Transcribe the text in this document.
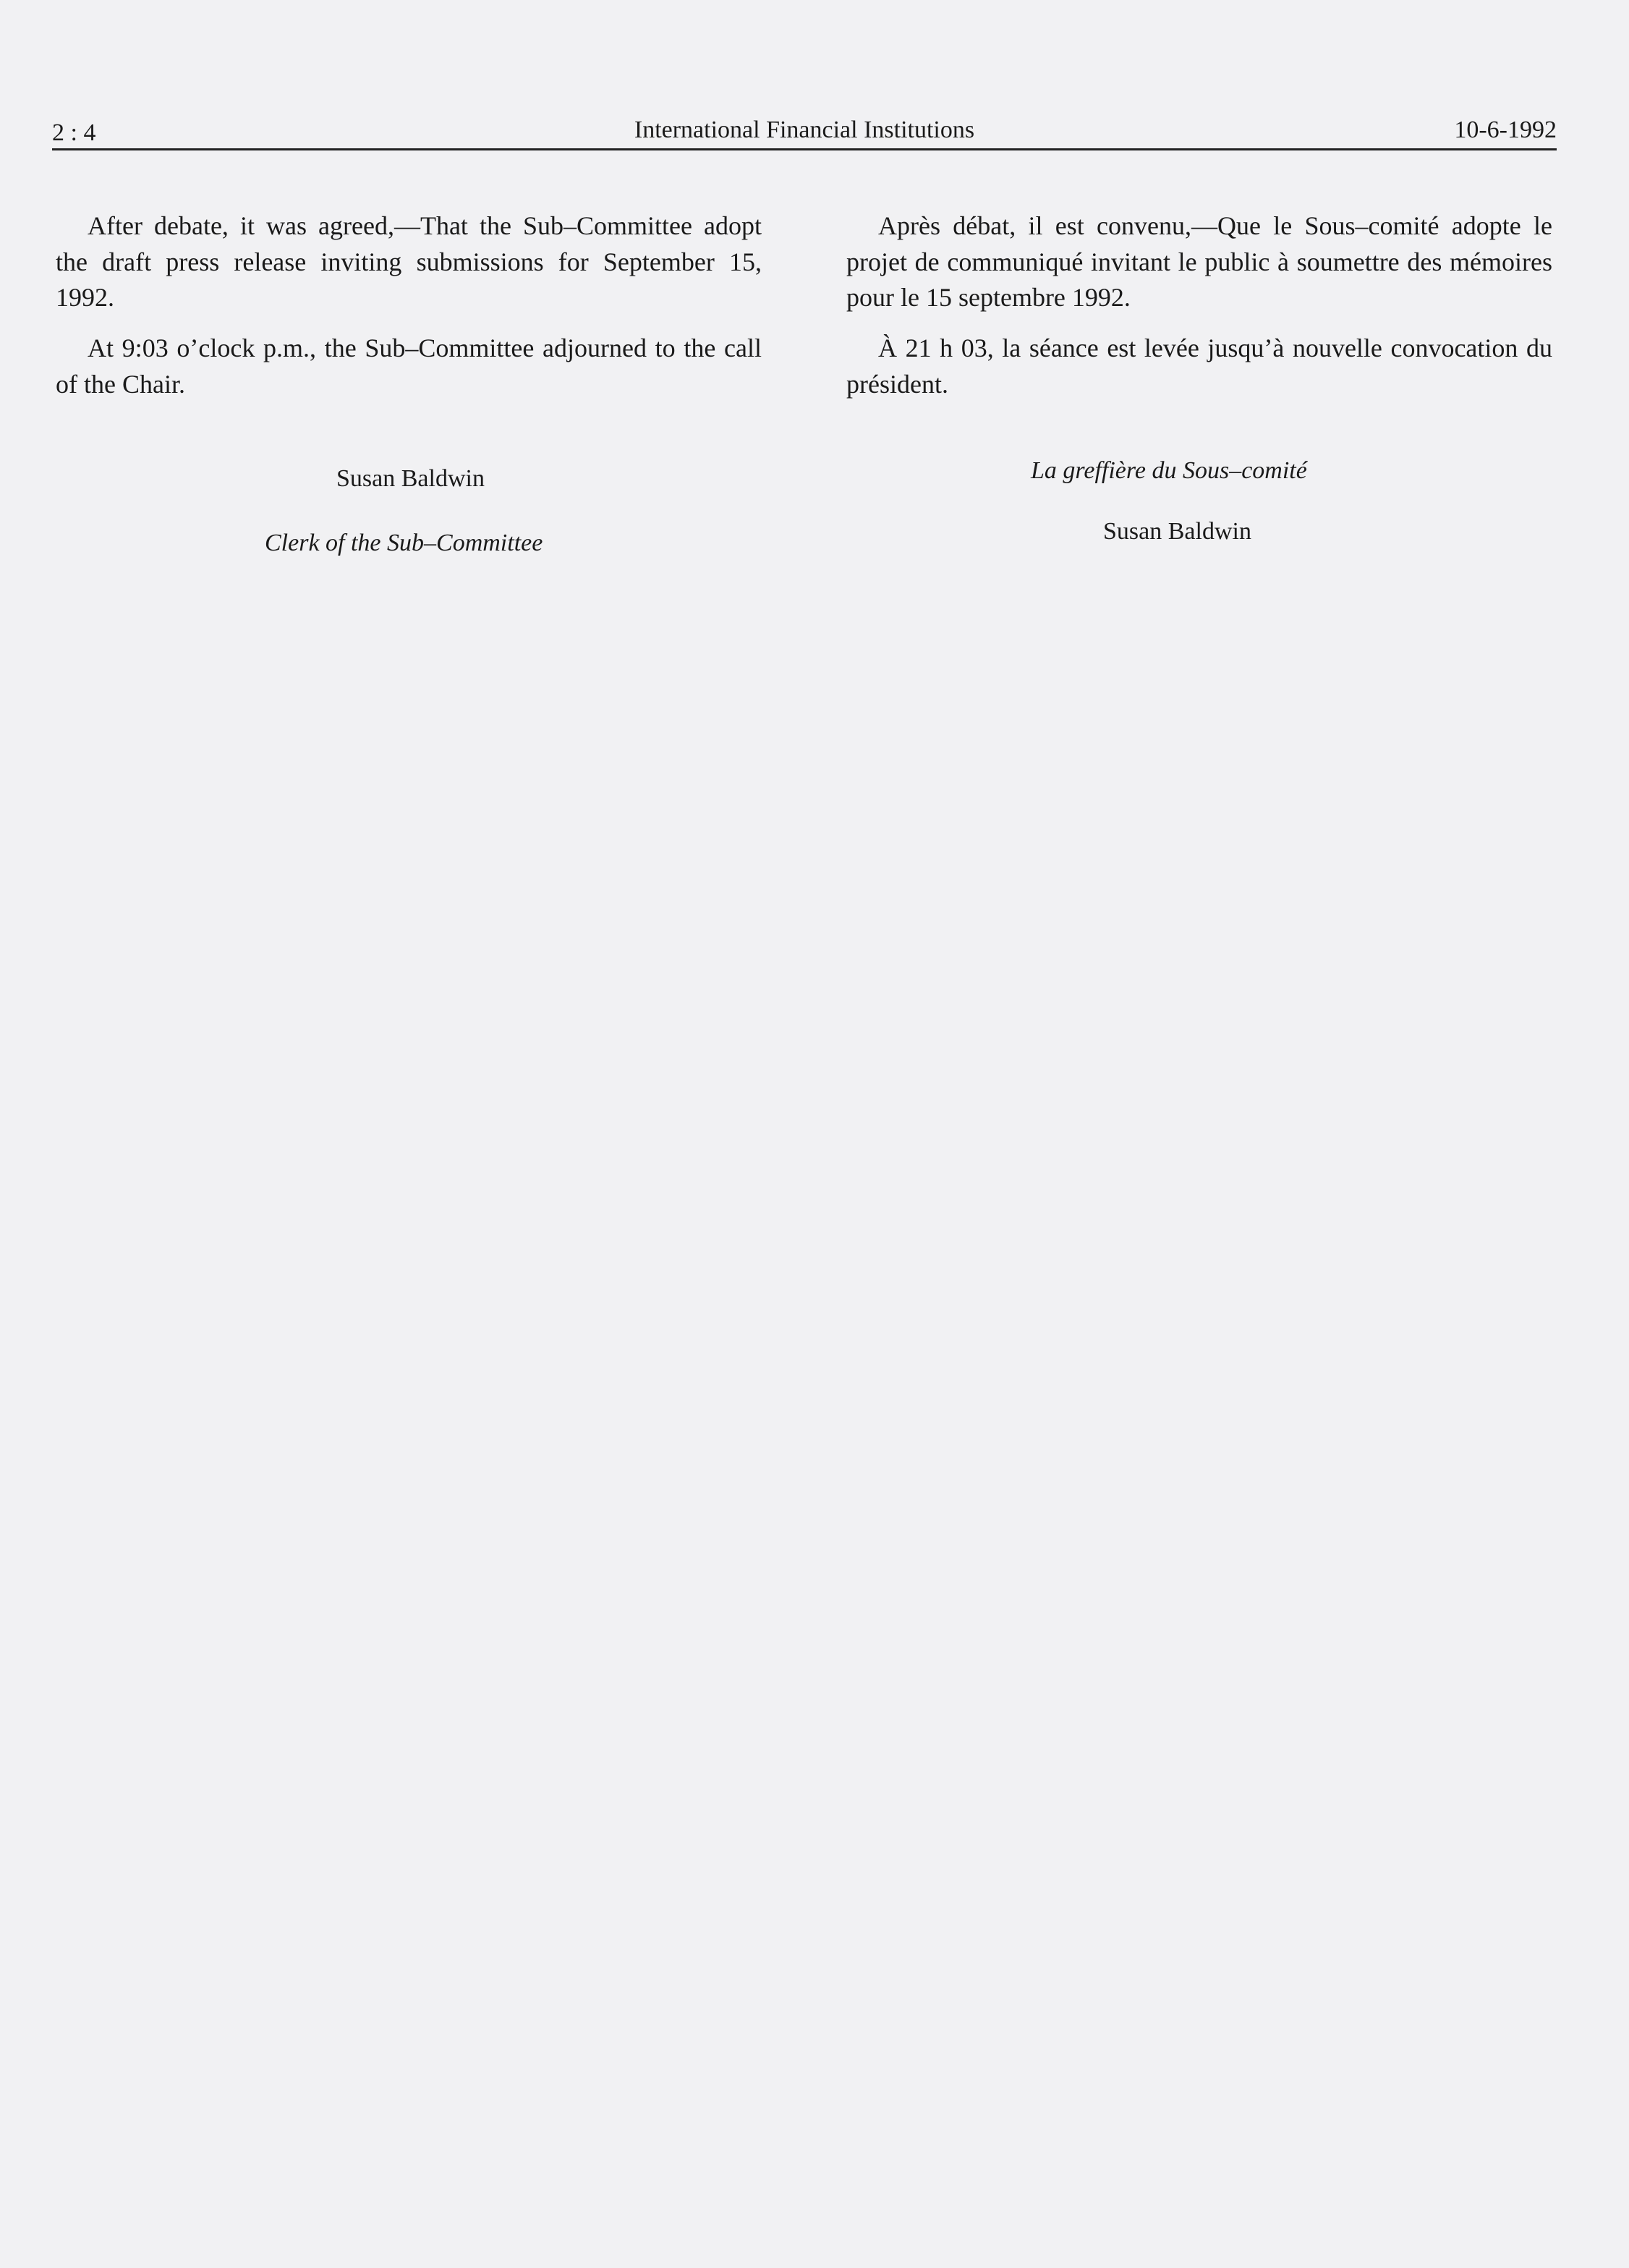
2 : 4	International Financial Institutions	10-6-1992

After debate, it was agreed,—That the Sub–Committee adopt the draft press release inviting submissions for September 15, 1992.

At 9:03 o’clock p.m., the Sub–Committee adjourned to the call of the Chair.

Susan Baldwin
Clerk of the Sub–Committee

Après débat, il est convenu,—Que le Sous–comité adopte le projet de communiqué invitant le public à soumettre des mémoires pour le 15 septembre 1992.

À 21 h 03, la séance est levée jusqu’à nouvelle convocation du président.

La greffière du Sous–comité
Susan Baldwin
